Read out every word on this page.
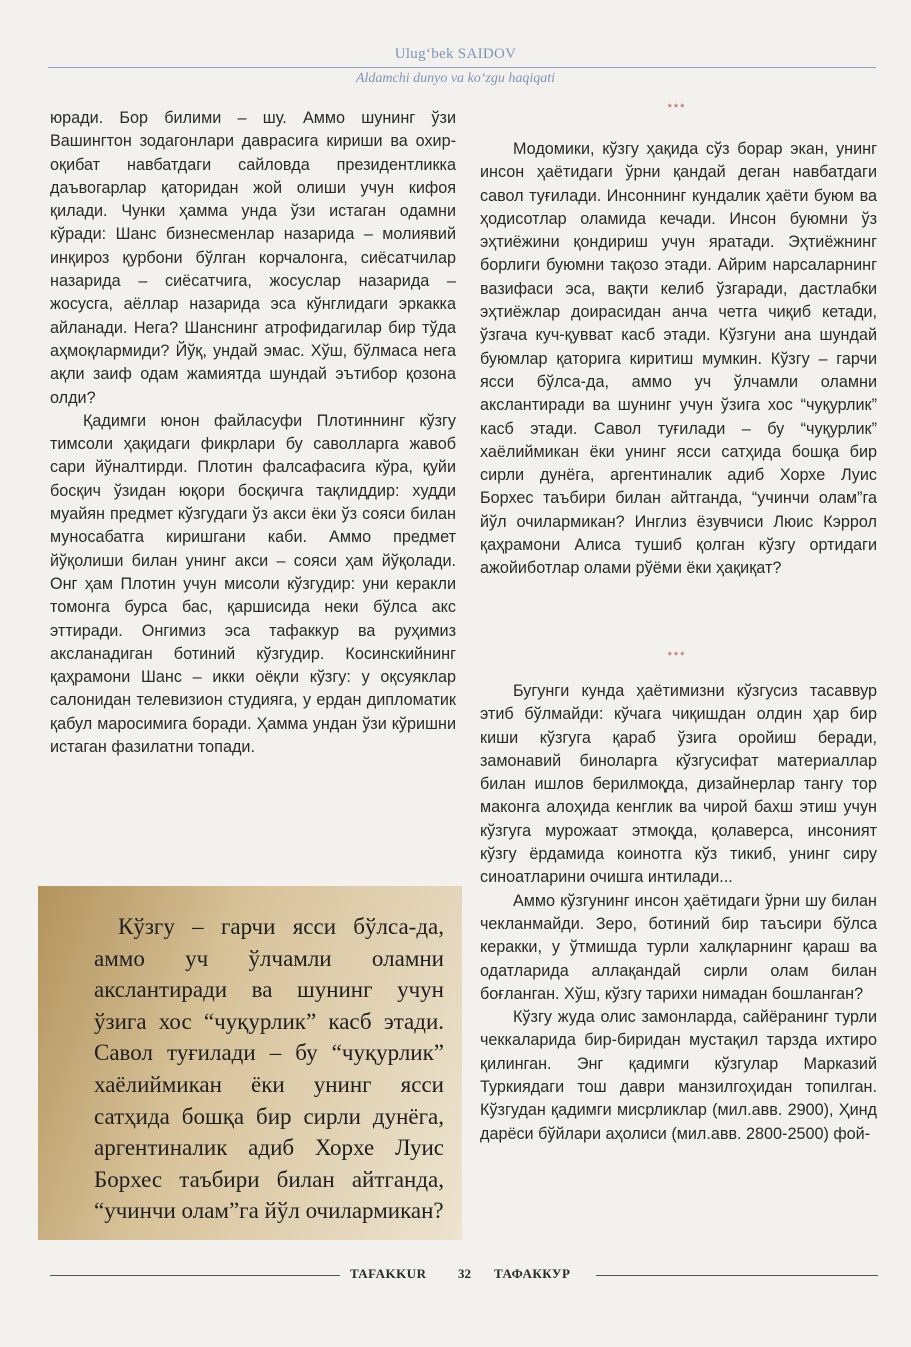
Ulug‘bek SAIDOV
Aldamchi dunyo va ko‘zgu haqiqati

юради. Бор билими – шу. Аммо шунинг ўзи Вашингтон зодагонлари даврасига кириши ва охир-оқибат навбатдаги сайловда президентликка даъвогарлар қаторидан жой олиши учун кифоя қилади. Чунки ҳамма унда ўзи истаган одамни кўради: Шанс бизнесменлар назарида – молиявий инқироз қурбони бўлган корчалонга, сиёсатчилар назарида – сиёсатчига, жосуслар назарида – жосусга, аёллар назарида эса кўнглидаги эркакка айланади. Нега? Шанснинг атрофидагилар бир тўда аҳмоқлармиди? Йўқ, ундай эмас. Хўш, бўлмаса нега ақли заиф одам жамиятда шундай эътибор қозона олди?

Қадимги юнон файласуфи Плотиннинг кўзгу тимсоли ҳақидаги фикрлари бу саволларга жавоб сари йўналтирди. Плотин фалсафасига кўра, қуйи босқич ўзидан юқори босқичга тақлиддир: худди муайян предмет кўзгудаги ўз акси ёки ўз сояси билан муносабатга киришгани каби. Аммо предмет йўқолиши билан унинг акси – сояси ҳам йўқолади. Онг ҳам Плотин учун мисоли кўзгудир: уни керакли томонга бурса бас, қаршисида неки бўлса акс эттиради. Онгимиз эса тафаккур ва руҳимиз аксланадиган ботиний кўзгудир. Косинскийнинг қаҳрамони Шанс – икки оёқли кўзгу: у оқсуяклар салонидан телевизион студияга, у ердан дипломатик қабул маросимига боради. Ҳамма ундан ўзи кўришни истаган фазилатни топади.

***

Модомики, кўзгу ҳақида сўз борар экан, унинг инсон ҳаётидаги ўрни қандай деган навбатдаги савол туғилади. Инсоннинг кундалик ҳаёти буюм ва ҳодисотлар оламида кечади. Инсон буюмни ўз эҳтиёжини қондириш учун яратади. Эҳтиёжнинг борлиги буюмни тақозо этади. Айрим нарсаларнинг вазифаси эса, вақти келиб ўзгаради, дастлабки эҳтиёжлар доирасидан анча четга чиқиб кетади, ўзгача куч-қувват касб этади. Кўзгуни ана шундай буюмлар қаторига киритиш мумкин. Кўзгу – гарчи ясси бўлса-да, аммо уч ўлчамли оламни акслантиради ва шунинг учун ўзига хос “чуқурлик” касб этади. Савол туғилади – бу “чуқурлик” хаёлиймикан ёки унинг ясси сатҳида бошқа бир сирли дунёга, аргентиналик адиб Хорхе Луис Борхес таъбири билан айтганда, “учинчи олам”га йўл очилармикан? Инглиз ёзувчиси Люис Кэррол қаҳрамони Алиса тушиб қолган кўзгу ортидаги ажойиботлар олами рўёми ёки ҳақиқат?

***

Бугунги кунда ҳаётимизни кўзгусиз тасаввур этиб бўлмайди: кўчага чиқишдан олдин ҳар бир киши кўзгуга қараб ўзига оройиш беради, замонавий биноларга кўзгусифат материаллар билан ишлов берилмоқда, дизайнерлар тангу тор маконга алоҳида кенглик ва чирой бахш этиш учун кўзгуга мурожаат этмоқда, қолаверса, инсоният кўзгу ёрдамида коинотга кўз тикиб, унинг сиру синоатларини очишга интилади...

Аммо кўзгунинг инсон ҳаётидаги ўрни шу билан чекланмайди. Зеро, ботиний бир таъсири бўлса керакки, у ўтмишда турли халқларнинг қараш ва одатларида аллақандай сирли олам билан боғланган. Хўш, кўзгу тарихи нимадан бошланган?

Кўзгу жуда олис замонларда, сайёранинг турли чеккаларида бир-биридан мустақил тарзда ихтиро қилинган. Энг қадимги кўзгулар Марказий Туркиядаги тош даври манзилгоҳидан топилган. Кўзгудан қадимги мисрликлар (мил.авв. 2900), Ҳинд дарёси бўйлари аҳолиси (мил.авв. 2800-2500) фой-

Кўзгу – гарчи ясси бўлса-да, аммо уч ўлчамли оламни акслантиради ва шунинг учун ўзига хос “чуқурлик” касб этади. Савол туғилади – бу “чуқурлик” хаёлиймикан ёки унинг ясси сатҳида бошқа бир сирли дунёга, аргентиналик адиб Хорхе Луис Борхес таъбири билан айтганда, “учинчи олам”га йўл очилармикан?
TAFAKKUR 32 ТАФАККУР
